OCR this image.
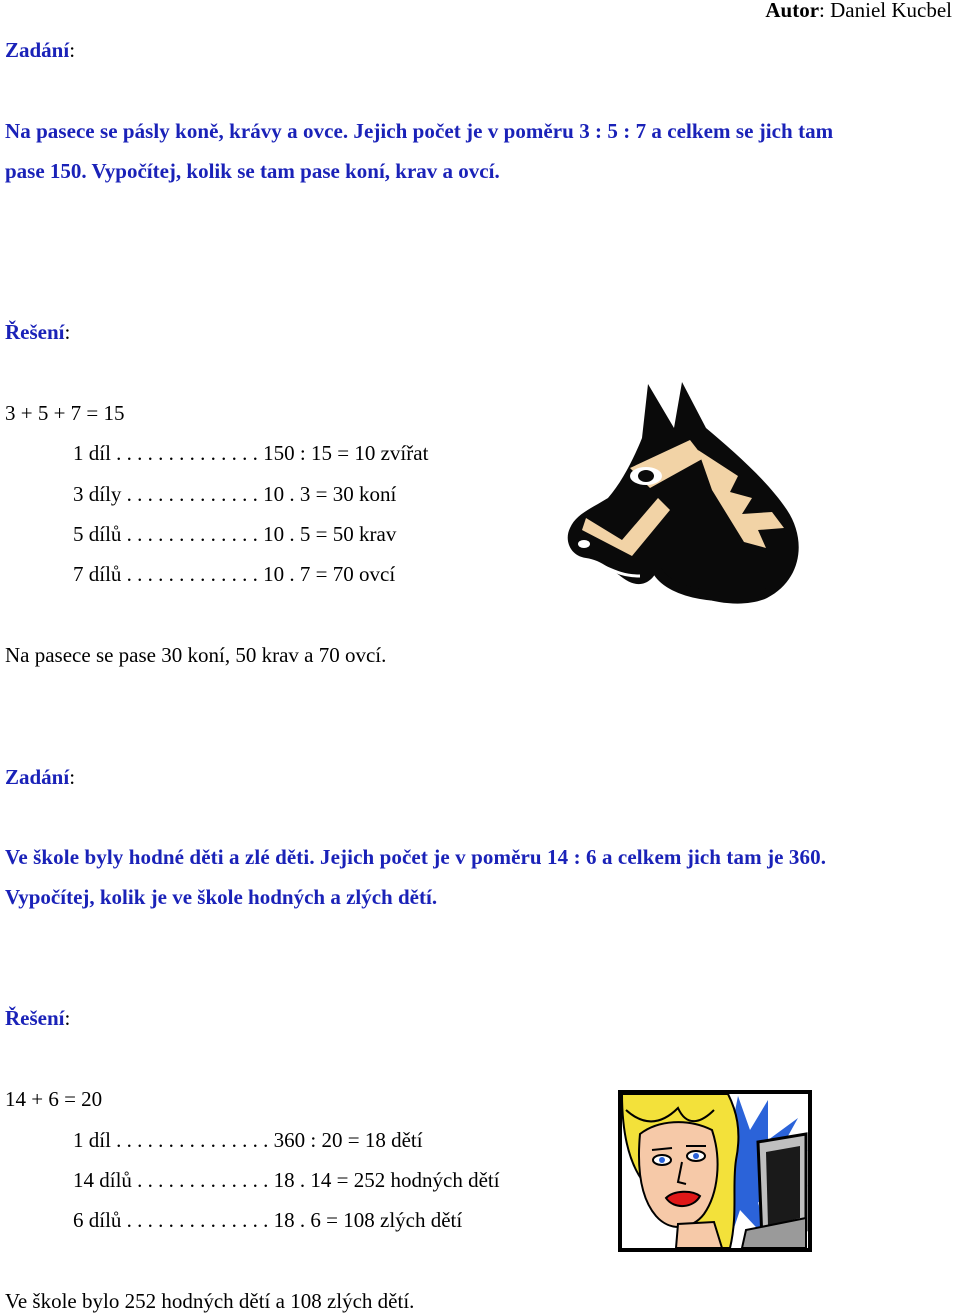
Autor: Daniel Kucbel
Zadání:
Na pasece se pásly koně, krávy a ovce. Jejich počet je v poměru 3 : 5 : 7 a celkem se jich tam
pase 150. Vypočítej, kolik se tam pase koní, krav a ovcí.
Řešení:
3 + 5 + 7 = 15
1 díl . . . . . . . . . . . . . . 150 : 15 = 10 zvířat
3 díly . . . . . . . . . . . . . 10 . 3 = 30 koní
5 dílů . . . . . . . . . . . . . 10 . 5 = 50 krav
7 dílů . . . . . . . . . . . . . 10 . 7 = 70 ovcí
Na pasece se pase 30 koní, 50 krav a 70 ovcí.
Zadání:
Ve škole byly hodné děti a zlé děti. Jejich počet je v poměru 14 : 6 a celkem jich tam je 360.
Vypočítej, kolik je ve škole hodných a zlých dětí.
Řešení:
14 + 6 = 20
1 díl . . . . . . . . . . . . . . . 360 : 20 = 18 dětí
14 dílů . . . . . . . . . . . . . 18 . 14 = 252 hodných dětí
6 dílů . . . . . . . . . . . . . . 18 . 6 = 108 zlých dětí
Ve škole bylo 252 hodných dětí a 108 zlých dětí.
